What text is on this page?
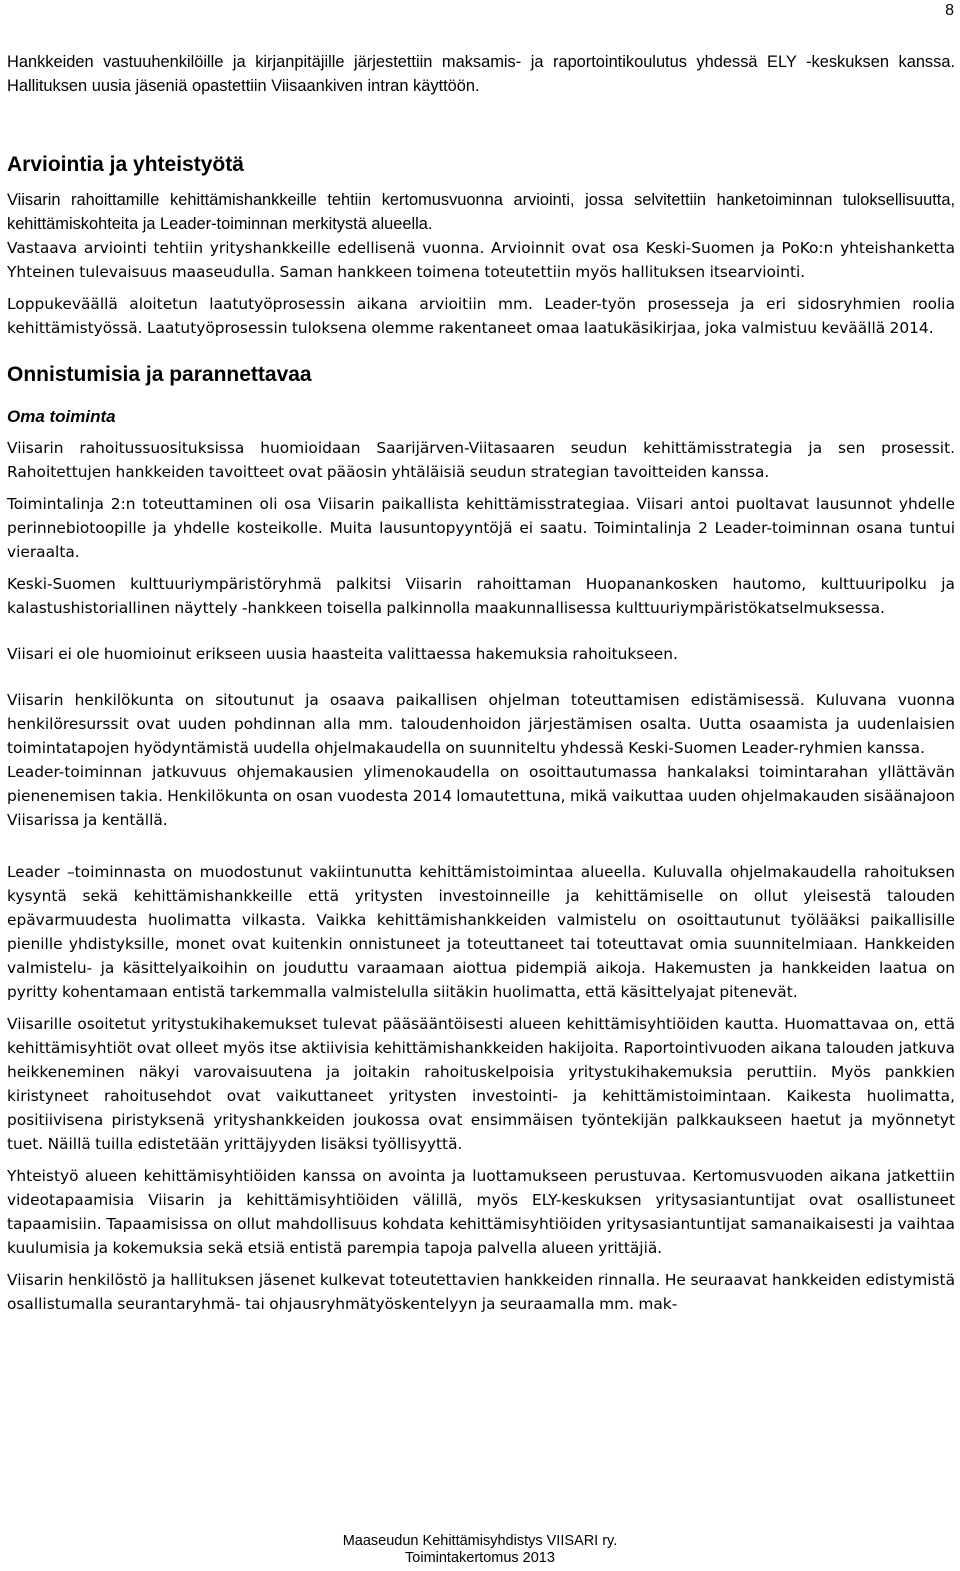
8

Hankkeiden vastuuhenkilöille ja kirjanpitäjille järjestettiin maksamis- ja raportointikoulutus yhdessä ELY -keskuksen kanssa. Hallituksen uusia jäseniä opastettiin Viisaankiven intran käyttöön.

Arviointia ja yhteistyötä

Viisarin rahoittamille kehittämishankkeille tehtiin kertomusvuonna arviointi, jossa selvitettiin hanketoiminnan tuloksellisuutta, kehittämiskohteita ja Leader-toiminnan merkitystä alueella.

Vastaava arviointi tehtiin yrityshankkeille edellisenä vuonna. Arvioinnit ovat osa Keski-Suomen ja PoKo:n yhteishanketta Yhteinen tulevaisuus maaseudulla. Saman hankkeen toimena toteutettiin myös hallituksen itsearviointi.

Loppukeväällä aloitetun laatutyöprosessin aikana arvioitiin mm. Leader-työn prosesseja ja eri sidosryhmien roolia kehittämistyössä. Laatutyöprosessin tuloksena olemme rakentaneet omaa laatukäsikirjaa, joka valmistuu keväällä 2014.

Onnistumisia ja parannettavaa
Oma toiminta

Viisarin rahoitussuosituksissa huomioidaan Saarijärven-Viitasaaren seudun kehittämisstrategia ja sen prosessit. Rahoitettujen hankkeiden tavoitteet ovat pääosin yhtäläisiä seudun strategian tavoitteiden kanssa.

Toimintalinja 2:n toteuttaminen oli osa Viisarin paikallista kehittämisstrategiaa. Viisari antoi puoltavat lausunnot yhdelle perinnebiotoopille ja yhdelle kosteikolle. Muita lausuntopyyntöjä ei saatu. Toimintalinja 2 Leader-toiminnan osana tuntui vieraalta.

Keski-Suomen kulttuuriympäristöryhmä palkitsi Viisarin rahoittaman Huopanankosken hautomo, kulttuuripolku ja kalastushistoriallinen näyttely -hankkeen toisella palkinnolla maakunnallisessa kulttuuriympäristökatselmuksessa.

Viisari ei ole huomioinut erikseen uusia haasteita valittaessa hakemuksia rahoitukseen.

Viisarin henkilökunta on sitoutunut ja osaava paikallisen ohjelman toteuttamisen edistämisessä. Kuluvana vuonna henkilöresurssit ovat uuden pohdinnan alla mm. taloudenhoidon järjestämisen osalta. Uutta osaamista ja uudenlaisien toimintatapojen hyödyntämistä uudella ohjelmakaudella on suunniteltu yhdessä Keski-Suomen Leader-ryhmien kanssa.

Leader-toiminnan jatkuvuus ohjemakausien ylimenokaudella on osoittautumassa hankalaksi toimintarahan yllättävän pienenemisen takia. Henkilökunta on osan vuodesta 2014 lomautettuna, mikä vaikuttaa uuden ohjelmakauden sisäänajoon Viisarissa ja kentällä.

Leader –toiminnasta on muodostunut vakiintunutta kehittämistoimintaa alueella. Kuluvalla ohjelmakaudella rahoituksen kysyntä sekä kehittämishankkeille että yritysten investoinneille ja kehittämiselle on ollut yleisestä talouden epävarmuudesta huolimatta vilkasta. Vaikka kehittämishankkeiden valmistelu on osoittautunut työlääksi paikallisille pienille yhdistyksille, monet ovat kuitenkin onnistuneet ja toteuttaneet tai toteuttavat omia suunnitelmiaan. Hankkeiden valmistelu- ja käsittelyaikoihin on jouduttu varaamaan aiottua pidempiä aikoja. Hakemusten ja hankkeiden laatua on pyritty kohentamaan entistä tarkemmalla valmistelulla siitäkin huolimatta, että käsittelyajat pitenevät.

Viisarille osoitetut yritystukihakemukset tulevat pääsääntöisesti alueen kehittämisyhtiöiden kautta. Huomattavaa on, että kehittämisyhtiöt ovat olleet myös itse aktiivisia kehittämishankkeiden hakijoita. Raportointivuoden aikana talouden jatkuva heikkeneminen näkyi varovaisuutena ja joitakin rahoituskelpoisia yritystukihakemuksia peruttiin. Myös pankkien kiristyneet rahoitusehdot ovat vaikuttaneet yritysten investointi- ja kehittämistoimintaan. Kaikesta huolimatta, positiivisena piristyksenä yrityshankkeiden joukossa ovat ensimmäisen työntekijän palkkaukseen haetut ja myönnetyt tuet. Näillä tuilla edistetään yrittäjyyden lisäksi työllisyyttä.

Yhteistyö alueen kehittämisyhtiöiden kanssa on avointa ja luottamukseen perustuvaa. Kertomusvuoden aikana jatkettiin videotapaamisia Viisarin ja kehittämisyhtiöiden välillä, myös ELY-keskuksen yritysasiantuntijat ovat osallistuneet tapaamisiin. Tapaamisissa on ollut mahdollisuus kohdata kehittämisyhtiöiden yritysasiantuntijat samanaikaisesti ja vaihtaa kuulumisia ja kokemuksia sekä etsiä entistä parempia tapoja palvella alueen yrittäjiä.

Viisarin henkilöstö ja hallituksen jäsenet kulkevat toteutettavien hankkeiden rinnalla. He seuraavat hankkeiden edistymistä osallistumalla seurantaryhmä- tai ohjausryhmätyöskentelyyn ja seuraamalla mm. mak-

Maaseudun Kehittämisyhdistys VIISARI ry.
Toimintakertomus 2013
